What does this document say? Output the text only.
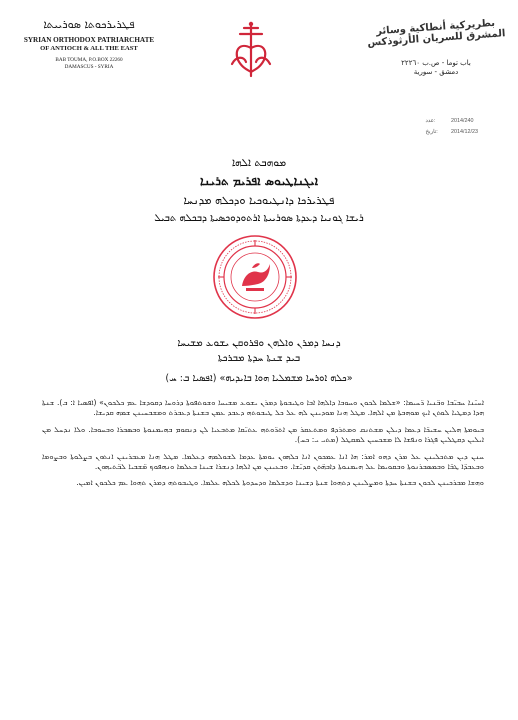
ܦܛܪܝܪܟܘܬܐ ܣܘܪܝܝܬܐ
SYRIAN ORTHODOX PATRIARCHATE
OF ANTIOCH & ALL THE EAST
BAB TOUMA, P.O.BOX 22260
DAMASCUS - SYRIA
بطريركية أنطاكية وسائر المشرق للسريان الأرثوذكس
باب توما - ص.ب ٢٢٢٦٠
دمشق - سورية
عدد:	2014/240
تاريخ: 2014/12/23
ܡܘܗܒܬ ܐܠܗܐ
ܐܝܓܢܐܛܝܘܣ ܐܦܪܝܡ ܬܪܝܢܐ
ܦܛܪܝܪܟܐ ܕܐܢܛܝܘܟܝܐ ܘܕܟܠܗ ܡܕܢܚܐ
ܪܝܫܐ ܓܘܢܝܐ ܕܥܕܬܐ ܣܘܪܝܝܬܐ ܐܪܬܘܕܘܟܣܝܬܐ ܕܒܟܠܗ ܬܒܝܠ
ܕܢܚܐ ܕܡܪܢ ܘܐܠܗܢ ܘܦܪܘܩܢ ܝܫܘܥ ܡܫܝܚܐ
ܒܝܕ ܫܢܬܐ ܚܕܬܐ ܡܒܪܟܬܐ
«ܟܠܗ ܐܘܪܚܐ ܡܫܡܠܝܐ ܗܘܐ ܒܐܝܕܝܗ» (ܐܦܣܝܐ ܒ: ܚ)

ܐܚܝ̈ܢܐ ܚܒܝ̈ܒܐ ܘܒ̈ܢܝܐ ܪ̈ܚܝܡܐ: «ܫܠܡܐ ܠܟܘܢ ܘܚܘܒܐ ܕܐܠܗܐ ܐܒܐ ܘܛܝܒܘܬܐ ܕܡܪܢ ܝܫܘܥ ܡܫܝܚܐ ܘܫܘܬܦܘܬܐ ܕܪܘܚܐ ܕܩܘܕܫܐ ܥܡ ܟܠܟܘܢ» (ܐܦܣܝܐ ܐ: ܒ). ܫܢܬܐ ܗܕܐ ܕܡܛܝܐ ܠܘܬܢ ܐܝܟ ܡܘܗܒܬܐ ܡܢ ܐܠܗܐ. ܡܛܠ ܗܢܐ ܡܘܕܝܢܢ ܠܗ ܥܠ ܟܠ ܛܝܒܘܬܗ ܕܥܒܕ ܥܡܢ ܒܫܢܬܐ ܕܥܒܪܬ ܘܡܫܒܚܝܢܢ ܫܡܗ ܩܕܝܫܐ.

ܒܝܘܡܬܐ ܗܠܝܢ ܚܫܝܟ̈ܐ ܕܥܡܐ ܕܝܠܢ ܡܫܬܢܩ ܘܡܬܪܕܦ ܘܡܬܥܩܪ ܡܢ ܐܬܪ̈ܘܬܗ ܥܬܝ̈ܩܐ ܡܬܒܥܝܐ ܠܢ ܕܢܩܘܡ ܒܗܝܡܢܘܬܐ ܘܒܣܒܪܐ ܘܒܚܘܒܐ. ܘܠܐ ܢܕܚܠ ܡܢ ܐܝܠܝܢ ܕܩܛܠܝܢ ܦܓܪܐ ܘܢܦܫܐ ܠܐ ܡܫܟܚܝܢ ܠܡܩܛܠ (ܡܬܝ ܝ: ܟܚ).

ܚܢܢ ܕܝܢ ܡܬܟܠܝܢܢ ܥܠ ܡܪܢ ܕܗܘ ܐܡܪ: ܗܐ ܐܢܐ ܥܡܟܘܢ ܐܢܐ ܟܠܗܘܢ ܝܘܡܬܐ ܥܕܡܐ ܠܫܘܠܡܗ ܕܥܠܡܐ. ܡܛܠ ܗܢܐ ܡܥܒܪܝܢܢ ܐܢܬܘܢ ܒܨܠܘܬܐ ܘܒܨܘܡܐ ܘܒܥܒܕ̈ܐ ܛܒ̈ܐ ܘܒܡܣܒܪܢܘܬܐ ܘܒܩܘܝܡܐ ܥܠ ܗܝܡܢܘܬܐ ܕܐܒܗ̈ܬܢ ܩܕܝ̈ܫܐ. ܘܒܥܝܢܢ ܡܢ ܐܠܗܐ ܕܢܫܪܐ ܫܝܢܐ ܒܥܠܡܐ ܘܢܗܦܘܟ ܡ̈ܫܒܝܐ ܠܒ̈ܬܝܗܘܢ.

ܘܗܫܐ ܡܒܪܟܝܢܢ ܠܟܘܢ ܒܫܢܬܐ ܚܕܬܐ ܘܡܨܠܝܢܢ ܕܬܗܘܐ ܫܢܬܐ ܕܫܝܢܐ ܘܕܫܠܡܐ ܘܕܚܕܘܬܐ ܠܟܠܗ ܥܠܡܐ. ܘܛܝܒܘܬܗ ܕܡܪܢ ܬܗܘܐ ܥܡ ܟܠܟܘܢ ܐܡܝܢ.
